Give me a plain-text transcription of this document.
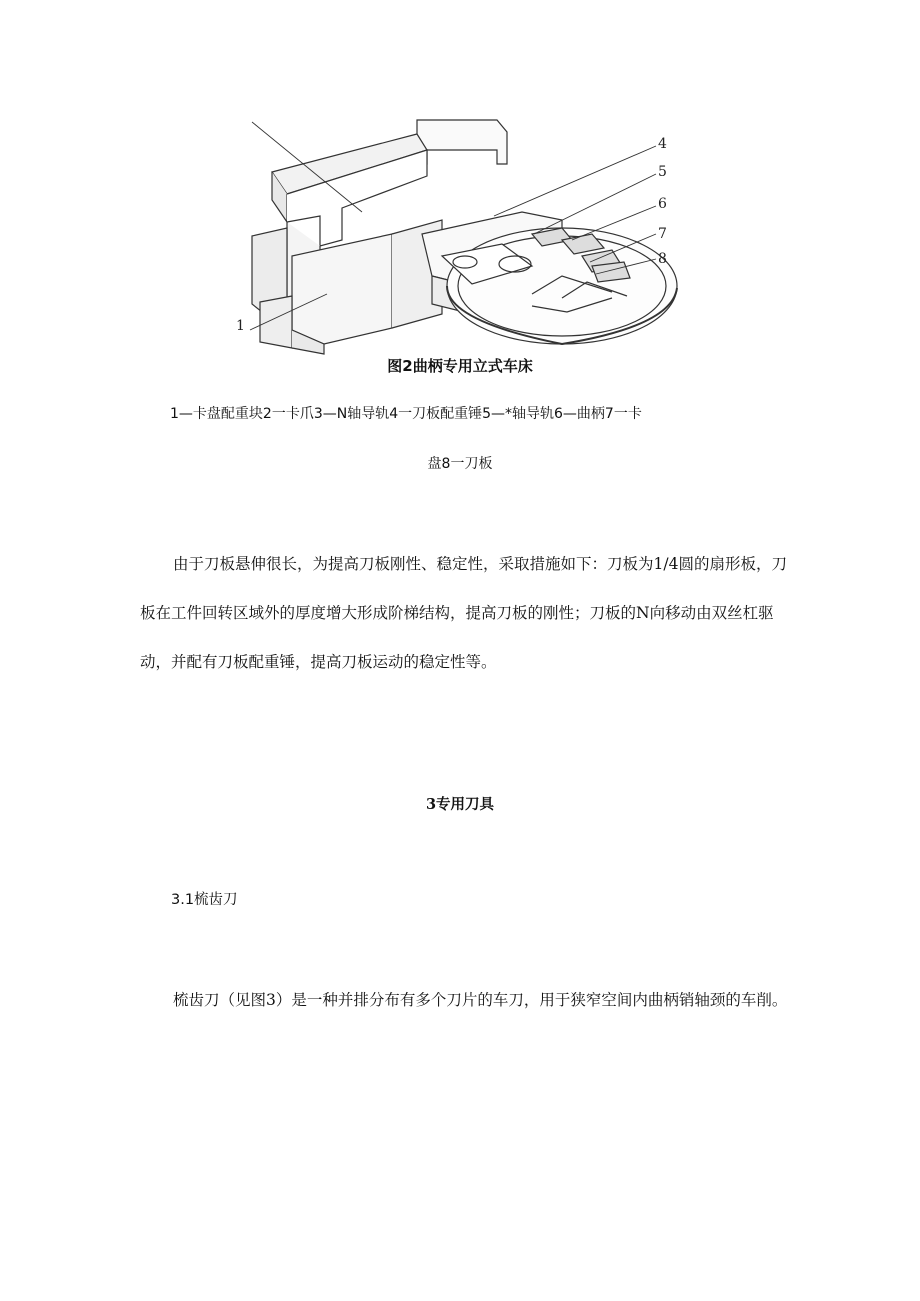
1
4
5
6
7
8
图2曲柄专用立式车床
1—卡盘配重块2一卡爪3—N轴导轨4一刀板配重锤5—*轴导轨6—曲柄7一卡
盘8一刀板

由于刀板悬伸很长，为提高刀板刚性、稳定性，采取措施如下：刀板为1/4圆的扇形板，刀板在工件回转区域外的厚度增大形成阶梯结构，提高刀板的刚性；刀板的N向移动由双丝杠驱动，并配有刀板配重锤，提高刀板运动的稳定性等。

3专用刀具
3.1梳齿刀

梳齿刀（见图3）是一种并排分布有多个刀片的车刀，用于狭窄空间内曲柄销轴颈的车削。
